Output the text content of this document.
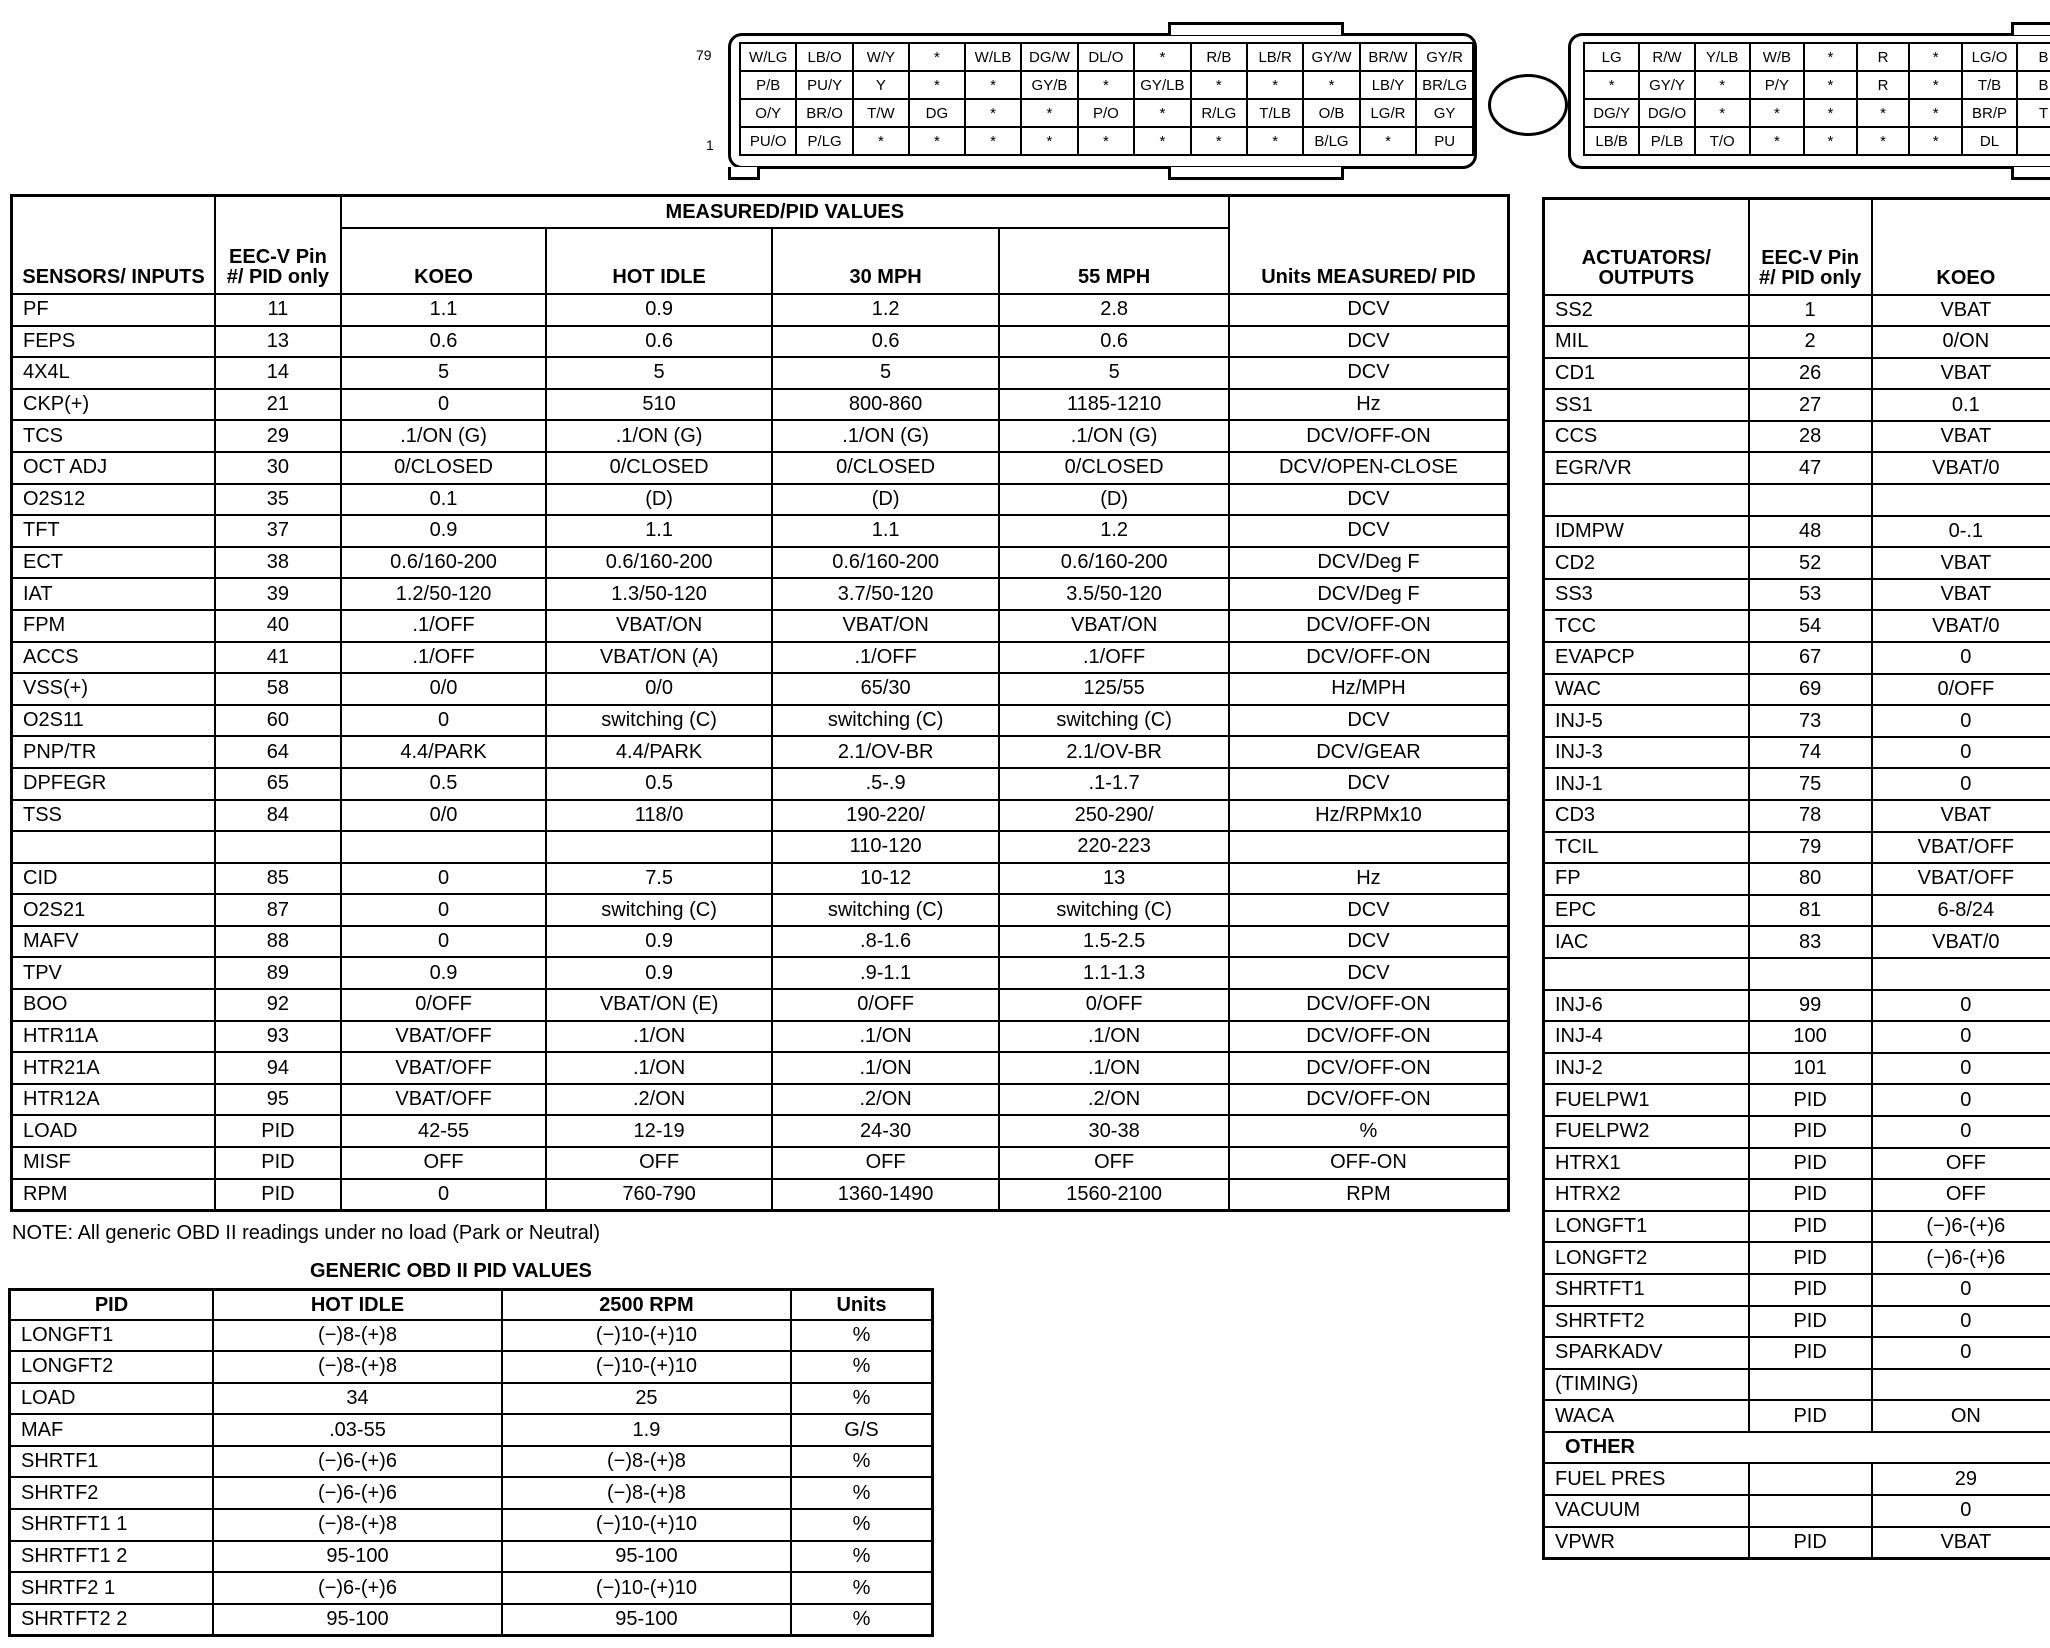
79
1
W/LG	LB/O	W/Y	*	W/LB	DG/W	DL/O	*	R/B	LB/R	GY/W	BR/W	GY/R
P/B	PU/Y	Y	*	*	GY/B	*	GY/LB	*	*	*	LB/Y	BR/LG
O/Y	BR/O	T/W	DG	*	*	P/O	*	R/LG	T/LB	O/B	LG/R	GY
PU/O	P/LG	*	*	*	*	*	*	*	*	B/LG	*	PU
LG	R/W	Y/LB	W/B	*	R	*	LG/O	B
*	GY/Y	*	P/Y	*	R	*	T/B	B
DG/Y	DG/O	*	*	*	*	*	BR/P	T
LB/B	P/LB	T/O	*	*	*	*	DL	
SENSORS/ INPUTS	EEC-V Pin #/ PID only	MEASURED/PID VALUES				Units MEASURED/ PID
		KOEO	HOT IDLE	30 MPH	55 MPH	
PF	11	1.1	0.9	1.2	2.8	DCV
FEPS	13	0.6	0.6	0.6	0.6	DCV
4X4L	14	5	5	5	5	DCV
CKP(+)	21	0	510	800-860	1185-1210	Hz
TCS	29	.1/ON (G)	.1/ON (G)	.1/ON (G)	.1/ON (G)	DCV/OFF-ON
OCT ADJ	30	0/CLOSED	0/CLOSED	0/CLOSED	0/CLOSED	DCV/OPEN-CLOSE
O2S12	35	0.1	(D)	(D)	(D)	DCV
TFT	37	0.9	1.1	1.1	1.2	DCV
ECT	38	0.6/160-200	0.6/160-200	0.6/160-200	0.6/160-200	DCV/Deg F
IAT	39	1.2/50-120	1.3/50-120	3.7/50-120	3.5/50-120	DCV/Deg F
FPM	40	.1/OFF	VBAT/ON	VBAT/ON	VBAT/ON	DCV/OFF-ON
ACCS	41	.1/OFF	VBAT/ON (A)	.1/OFF	.1/OFF	DCV/OFF-ON
VSS(+)	58	0/0	0/0	65/30	125/55	Hz/MPH
O2S11	60	0	switching (C)	switching (C)	switching (C)	DCV
PNP/TR	64	4.4/PARK	4.4/PARK	2.1/OV-BR	2.1/OV-BR	DCV/GEAR
DPFEGR	65	0.5	0.5	.5-.9	.1-1.7	DCV
TSS	84	0/0	118/0	190-220/	250-290/	Hz/RPMx10
				110-120	220-223	
CID	85	0	7.5	10-12	13	Hz
O2S21	87	0	switching (C)	switching (C)	switching (C)	DCV
MAFV	88	0	0.9	.8-1.6	1.5-2.5	DCV
TPV	89	0.9	0.9	.9-1.1	1.1-1.3	DCV
BOO	92	0/OFF	VBAT/ON (E)	0/OFF	0/OFF	DCV/OFF-ON
HTR11A	93	VBAT/OFF	.1/ON	.1/ON	.1/ON	DCV/OFF-ON
HTR21A	94	VBAT/OFF	.1/ON	.1/ON	.1/ON	DCV/OFF-ON
HTR12A	95	VBAT/OFF	.2/ON	.2/ON	.2/ON	DCV/OFF-ON
LOAD	PID	42-55	12-19	24-30	30-38	%
MISF	PID	OFF	OFF	OFF	OFF	OFF-ON
RPM	PID	0	760-790	1360-1490	1560-2100	RPM
NOTE: All generic OBD II readings under no load (Park or Neutral)
GENERIC OBD II PID VALUES
PID	HOT IDLE	2500 RPM	Units
LONGFT1	(−)8-(+)8	(−)10-(+)10	%
LONGFT2	(−)8-(+)8	(−)10-(+)10	%
LOAD	34	25	%
MAF	.03-55	1.9	G/S
SHRTF1	(−)6-(+)6	(−)8-(+)8	%
SHRTF2	(−)6-(+)6	(−)8-(+)8	%
SHRTFT1 1	(−)8-(+)8	(−)10-(+)10	%
SHRTFT1 2	95-100	95-100	%
SHRTF2 1	(−)6-(+)6	(−)10-(+)10	%
SHRTFT2 2	95-100	95-100	%
ACTUATORS/ OUTPUTS	EEC-V Pin #/ PID only	KOEO
SS2	1	VBAT
MIL	2	0/ON
CD1	26	VBAT
SS1	27	0.1
CCS	28	VBAT
EGR/VR	47	VBAT/0

IDMPW	48	0-.1
CD2	52	VBAT
SS3	53	VBAT
TCC	54	VBAT/0
EVAPCP	67	0
WAC	69	0/OFF
INJ-5	73	0
INJ-3	74	0
INJ-1	75	0
CD3	78	VBAT
TCIL	79	VBAT/OFF
FP	80	VBAT/OFF
EPC	81	6-8/24
IAC	83	VBAT/0

INJ-6	99	0
INJ-4	100	0
INJ-2	101	0
FUELPW1	PID	0
FUELPW2	PID	0
HTRX1	PID	OFF
HTRX2	PID	OFF
LONGFT1	PID	(−)6-(+)6
LONGFT2	PID	(−)6-(+)6
SHRTFT1	PID	0
SHRTFT2	PID	0
SPARKADV	PID	0
(TIMING)		
WACA	PID	ON
OTHER		
FUEL PRES		29
VACUUM		0
VPWR	PID	VBAT
